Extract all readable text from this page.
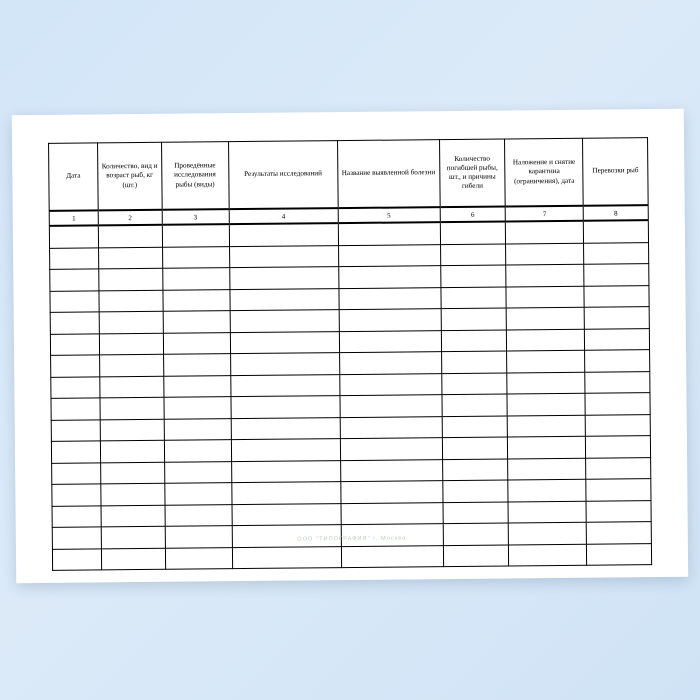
Дата	Количество, вид и возраст рыб, кг (шт.)	Проведённые исследования рыбы (виды)	Результаты исследований	Название выявленной болезни	Количество погибшей рыбы, шт., и причины гибели	Наложение и снятие карантина (ограничения), дата	Перевозки рыб
1	2	3	4	5	6	7	8

ООО "ТИПОГРАФИЯ" г. Москва
